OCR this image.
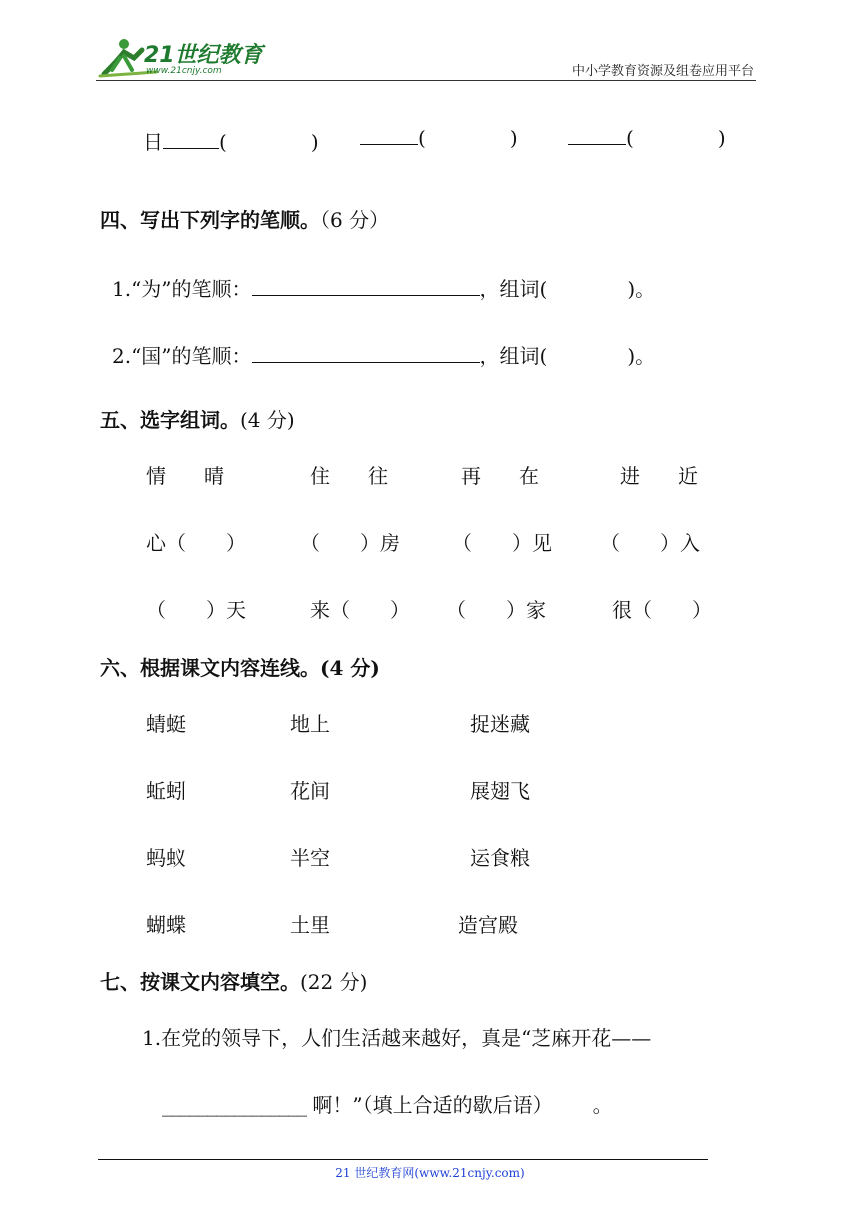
21世纪教育
www.21cnjy.com	中小学教育资源及组卷应用平台
日	(	)	(	)	(	)
四、写出下列字的笔顺。（6 分）
1.“为”的笔顺：	，组词(	)。
2.“国”的笔顺：	，组词(	)。
五、选字组词。(4 分)
情 晴	住 往	再 在	进 近
心（　　）	（　　）房	（　　）见 （　　）入
（　　）天	来（　　） （　　）家	很（　　）
六、根据课文内容连线。(4 分)
蜻蜓	地上	捉迷藏
蚯蚓	花间	展翅飞
蚂蚁	半空	运食粮
蝴蝶	土里	造宫殿
七、按课文内容填空。(22 分)
1.在党的领导下，人们生活越来越好，真是“芝麻开花——
________________ 啊！”（填上合适的歇后语） 。
21 世纪教育网(www.21cnjy.com)
